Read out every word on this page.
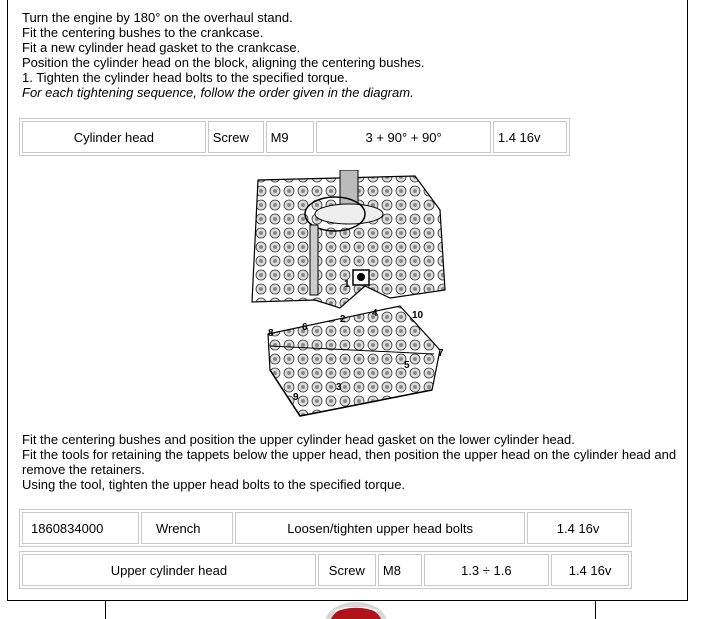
Turn the engine by 180° on the overhaul stand.
Fit the centering bushes to the crankcase.
Fit a new cylinder head gasket to the crankcase.
Position the cylinder head on the block, aligning the centering bushes.
1. Tighten the cylinder head bolts to the specified torque.
For each tightening sequence, follow the order given in the diagram.
Cylinder head	Screw	M9	3 + 90° + 90°	1.4 16v
1
2
3
4
5
6
7
8
9
10
Fit the centering bushes and position the upper cylinder head gasket on the lower cylinder head.
Fit the tools for retaining the tappets below the upper head, then position the upper head on the cylinder head and remove the retainers.
Using the tool, tighten the upper head bolts to the specified torque.
1860834000	Wrench	Loosen/tighten upper head bolts	1.4 16v
Upper cylinder head	Screw	M8	1.3 ÷ 1.6	1.4 16v
